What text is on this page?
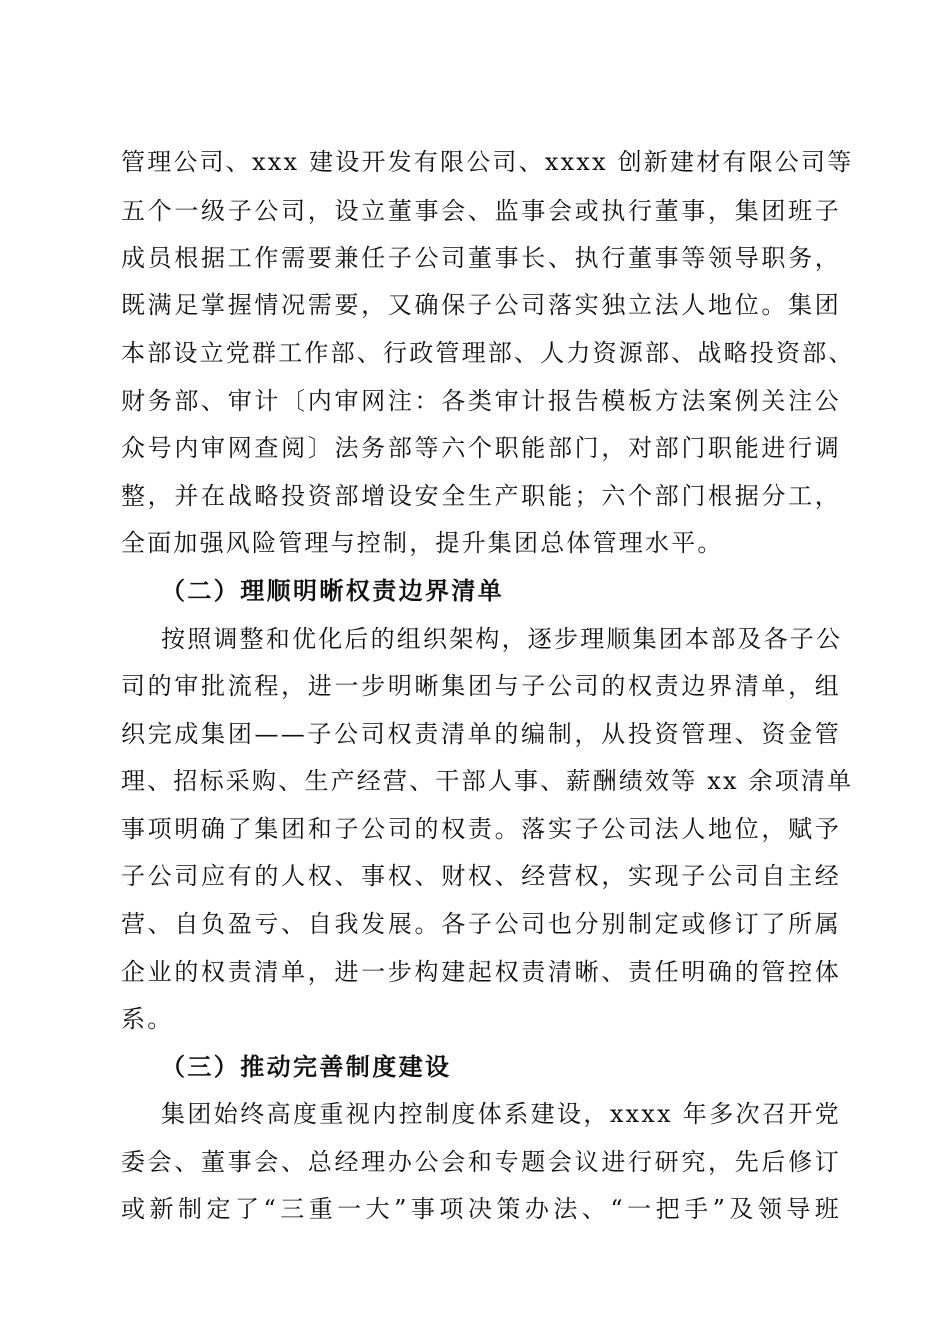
管理公司、xxx 建设开发有限公司、xxxx 创新建材有限公司等
五个一级子公司，设立董事会、监事会或执行董事，集团班子
成员根据工作需要兼任子公司董事长、执行董事等领导职务，
既满足掌握情况需要，又确保子公司落实独立法人地位。集团
本部设立党群工作部、行政管理部、人力资源部、战略投资部、
财务部、审计〔内审网注：各类审计报告模板方法案例关注公
众号内审网查阅〕法务部等六个职能部门，对部门职能进行调
整，并在战略投资部增设安全生产职能；六个部门根据分工，
全面加强风险管理与控制，提升集团总体管理水平。
（二）理顺明晰权责边界清单
按照调整和优化后的组织架构，逐步理顺集团本部及各子公
司的审批流程，进一步明晰集团与子公司的权责边界清单，组
织完成集团——子公司权责清单的编制，从投资管理、资金管
理、招标采购、生产经营、干部人事、薪酬绩效等 xx 余项清单
事项明确了集团和子公司的权责。落实子公司法人地位，赋予
子公司应有的人权、事权、财权、经营权，实现子公司自主经
营、自负盈亏、自我发展。各子公司也分别制定或修订了所属
企业的权责清单，进一步构建起权责清晰、责任明确的管控体
系。
（三）推动完善制度建设
集团始终高度重视内控制度体系建设，xxxx 年多次召开党
委会、董事会、总经理办公会和专题会议进行研究，先后修订
或新制定了“三重一大”事项决策办法、“一把手”及领导班
